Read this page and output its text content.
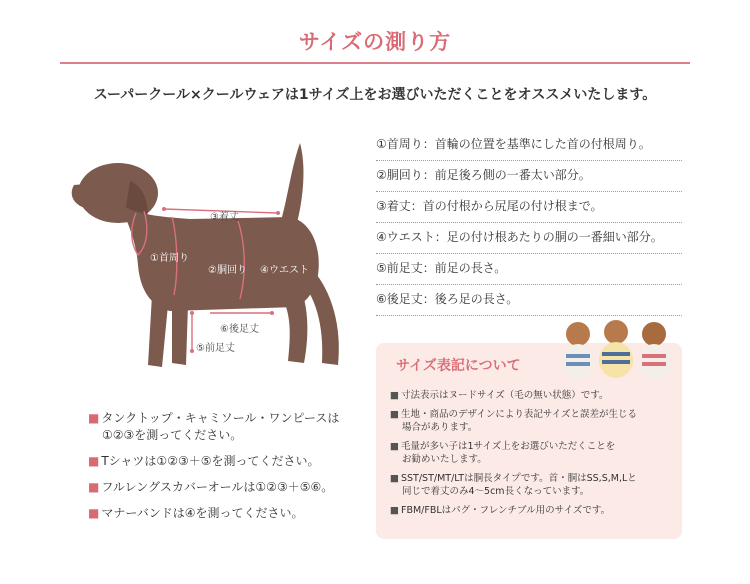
サイズの測り方
スーパークール×クールウェアは1サイズ上をお選びいただくことをオススメいたします。
③着丈
①首周り
②胴回り ④ウエスト
⑥後足丈
⑤前足丈
①首周り：首輪の位置を基準にした首の付根周り。
②胴回り：前足後ろ側の一番太い部分。
③着丈：首の付根から尻尾の付け根まで。
④ウエスト：足の付け根あたりの胴の一番細い部分。
⑤前足丈：前足の長さ。
⑥後足丈：後ろ足の長さ。
■ タンクトップ・キャミソール・ワンピースは
①②③を測ってください。
■ Tシャツは①②③＋⑤を測ってください。
■ フルレングスカバーオールは①②③＋⑤⑥。
■ マナーバンドは④を測ってください。
サイズ表記について
■ 寸法表示はヌードサイズ（毛の無い状態）です。
■ 生地・商品のデザインにより表記サイズと誤差が生じる
場合があります。
■ 毛量が多い子は1サイズ上をお選びいただくことを
お勧めいたします。
■ SST/ST/MT/LTは胴長タイプです。首・胴はSS,S,M,Lと
同じで着丈のみ4～5cm長くなっています。
■ FBM/FBLはパグ・フレンチブル用のサイズです。
